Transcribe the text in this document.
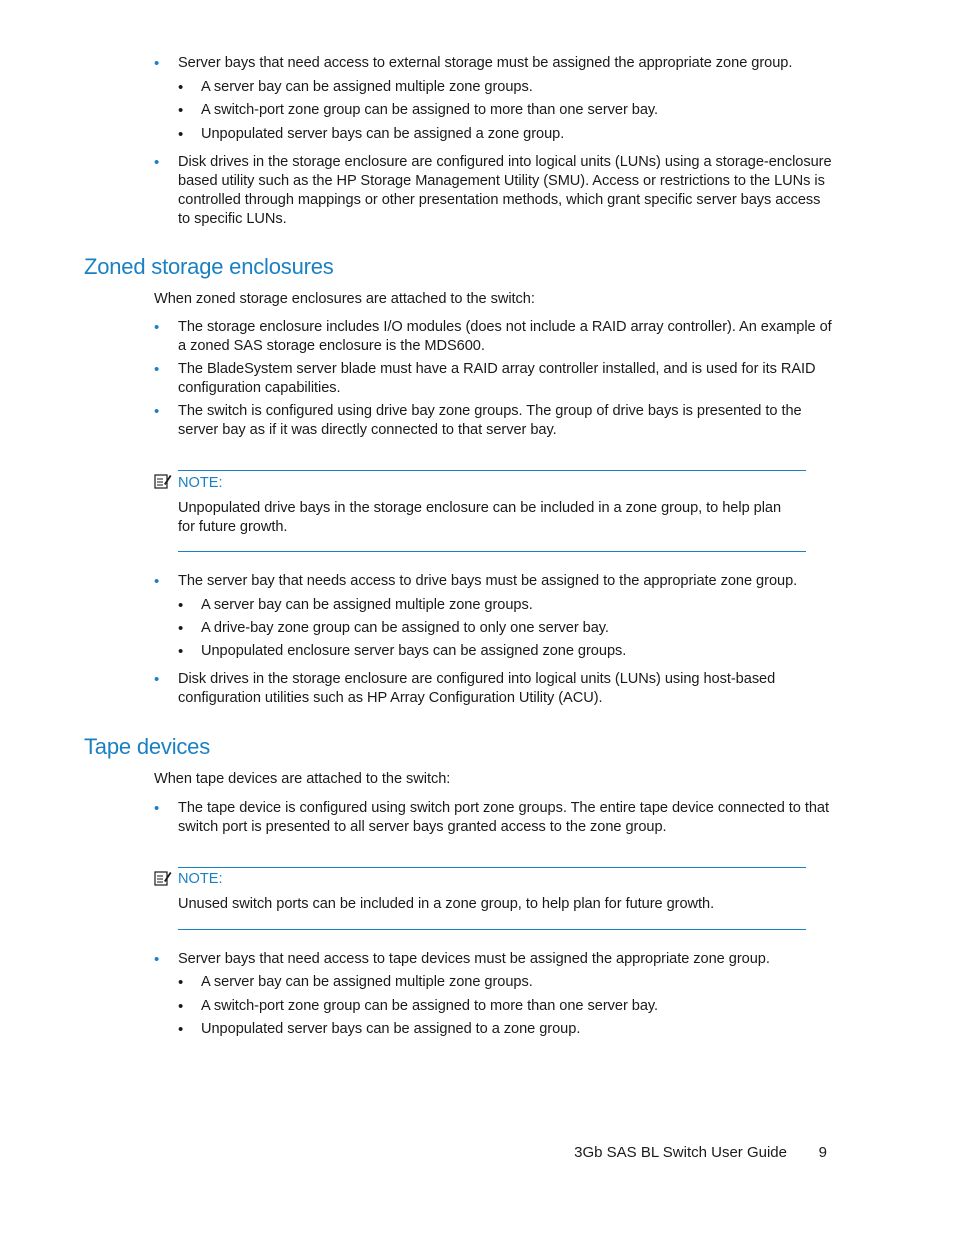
• Server bays that need access to external storage must be assigned the appropriate zone group.
• A server bay can be assigned multiple zone groups.
• A switch-port zone group can be assigned to more than one server bay.
• Unpopulated server bays can be assigned a zone group.
• Disk drives in the storage enclosure are configured into logical units (LUNs) using a storage-enclosure based utility such as the HP Storage Management Utility (SMU). Access or restrictions to the LUNs is controlled through mappings or other presentation methods, which grant specific server bays access to specific LUNs.
Zoned storage enclosures
When zoned storage enclosures are attached to the switch:
• The storage enclosure includes I/O modules (does not include a RAID array controller). An example of a zoned SAS storage enclosure is the MDS600.
• The BladeSystem server blade must have a RAID array controller installed, and is used for its RAID configuration capabilities.
• The switch is configured using drive bay zone groups. The group of drive bays is presented to the server bay as if it was directly connected to that server bay.
NOTE:
Unpopulated drive bays in the storage enclosure can be included in a zone group, to help plan for future growth.
• The server bay that needs access to drive bays must be assigned to the appropriate zone group.
• A server bay can be assigned multiple zone groups.
• A drive-bay zone group can be assigned to only one server bay.
• Unpopulated enclosure server bays can be assigned zone groups.
• Disk drives in the storage enclosure are configured into logical units (LUNs) using host-based configuration utilities such as HP Array Configuration Utility (ACU).
Tape devices
When tape devices are attached to the switch:
• The tape device is configured using switch port zone groups. The entire tape device connected to that switch port is presented to all server bays granted access to the zone group.
NOTE:
Unused switch ports can be included in a zone group, to help plan for future growth.
• Server bays that need access to tape devices must be assigned the appropriate zone group.
• A server bay can be assigned multiple zone groups.
• A switch-port zone group can be assigned to more than one server bay.
• Unpopulated server bays can be assigned to a zone group.
3Gb SAS BL Switch User Guide 9
